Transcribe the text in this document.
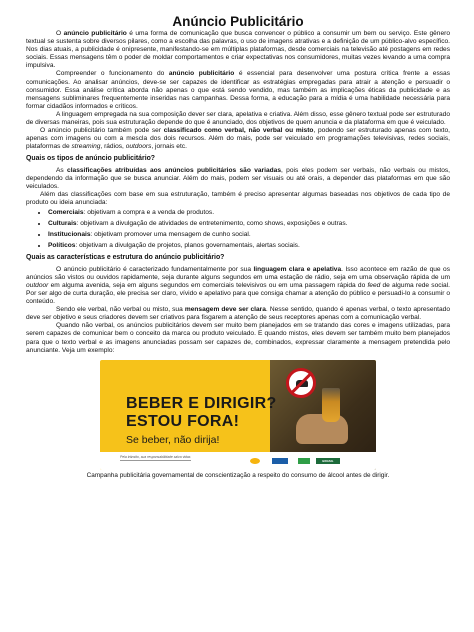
Anúncio Publicitário

O anúncio publicitário é uma forma de comunicação que busca convencer o público a consumir um bem ou serviço. Este gênero textual se sustenta sobre diversos pilares, como a escolha das palavras, o uso de imagens atrativas e a definição de um público-alvo específico. Nos dias atuais, a publicidade é onipresente, manifestando-se em múltiplas plataformas, desde comerciais na televisão até postagens em redes sociais. Essas mensagens têm o poder de moldar comportamentos e criar expectativas nos consumidores, muitas vezes levando a uma compra impulsiva.

Compreender o funcionamento do anúncio publicitário é essencial para desenvolver uma postura crítica frente a essas comunicações. Ao analisar anúncios, deve-se ser capazes de identificar as estratégias empregadas para atrair a atenção e persuadir o consumidor. Essa análise crítica aborda não apenas o que está sendo vendido, mas também as implicações éticas da publicidade e as mensagens subliminares frequentemente inseridas nas campanhas. Dessa forma, a educação para a mídia é uma habilidade necessária para formar cidadãos informados e críticos.

A linguagem empregada na sua composição dever ser clara, apelativa e criativa. Além disso, esse gênero textual pode ser estruturado de diversas maneiras, pois sua estruturação depende do que é anunciado, dos objetivos de quem anuncia e da plataforma em que é veiculado.

O anúncio publicitário também pode ser classificado como verbal, não verbal ou misto, podendo ser estruturado apenas com texto, apenas com imagens ou com a mescla dos dois recursos. Além do mais, pode ser veiculado em programações televisivas, redes sociais, plataformas de streaming, rádios, outdoors, jornais etc.

Quais os tipos de anúncio publicitário?

As classificações atribuídas aos anúncios publicitários são variadas, pois eles podem ser verbais, não verbais ou mistos, dependendo da informação que se busca anunciar. Além do mais, podem ser visuais ou até orais, a depender das plataformas em que são veiculados.

Além das classificações com base em sua estruturação, também é preciso apresentar algumas baseadas nos objetivos de cada tipo de produto ou ideia anunciada:

• Comerciais: objetivam a compra e a venda de produtos.
• Culturais: objetivam a divulgação de atividades de entretenimento, como shows, exposições e outras.
• Institucionais: objetivam promover uma mensagem de cunho social.
• Políticos: objetivam a divulgação de projetos, planos governamentais, alertas sociais.
Quais as características e estrutura do anúncio publicitário?

O anúncio publicitário é caracterizado fundamentalmente por sua linguagem clara e apelativa. Isso acontece em razão de que os anúncios são vistos ou ouvidos rapidamente, seja durante alguns segundos em uma estação de rádio, seja em uma observação rápida de um outdoor em alguma avenida, seja em alguns segundos em comerciais televisivos ou em uma passagem rápida do feed de alguma rede social. Por ser algo de curta duração, ele precisa ser claro, vívido e apelativo para que consiga chamar a atenção do público e persuadi-lo a consumir o conteúdo.

Sendo ele verbal, não verbal ou misto, sua mensagem deve ser clara. Nesse sentido, quando é apenas verbal, o texto apresentado deve ser objetivo e seus criadores devem ser criativos para fisgarem a atenção de seus receptores apenas com a comunicação verbal.

Quando não verbal, os anúncios publicitários devem ser muito bem planejados em se tratando das cores e imagens utilizadas, para serem capazes de comunicar bem o conceito da marca ou produto veiculado. E quando mistos, eles devem ser também muito bem planejados para que o texto verbal e as imagens anunciadas possam ser capazes de, combinados, expressar claramente a mensagem pretendida pelo anunciante. Veja um exemplo:

BEBER E DIRIGIR?
ESTOU FORA!
Se beber, não dirija!
Pela trânsito, sua responsabilidade salva vidas
BRASIL

Campanha publicitária governamental de conscientização a respeito do consumo de álcool antes de dirigir.
